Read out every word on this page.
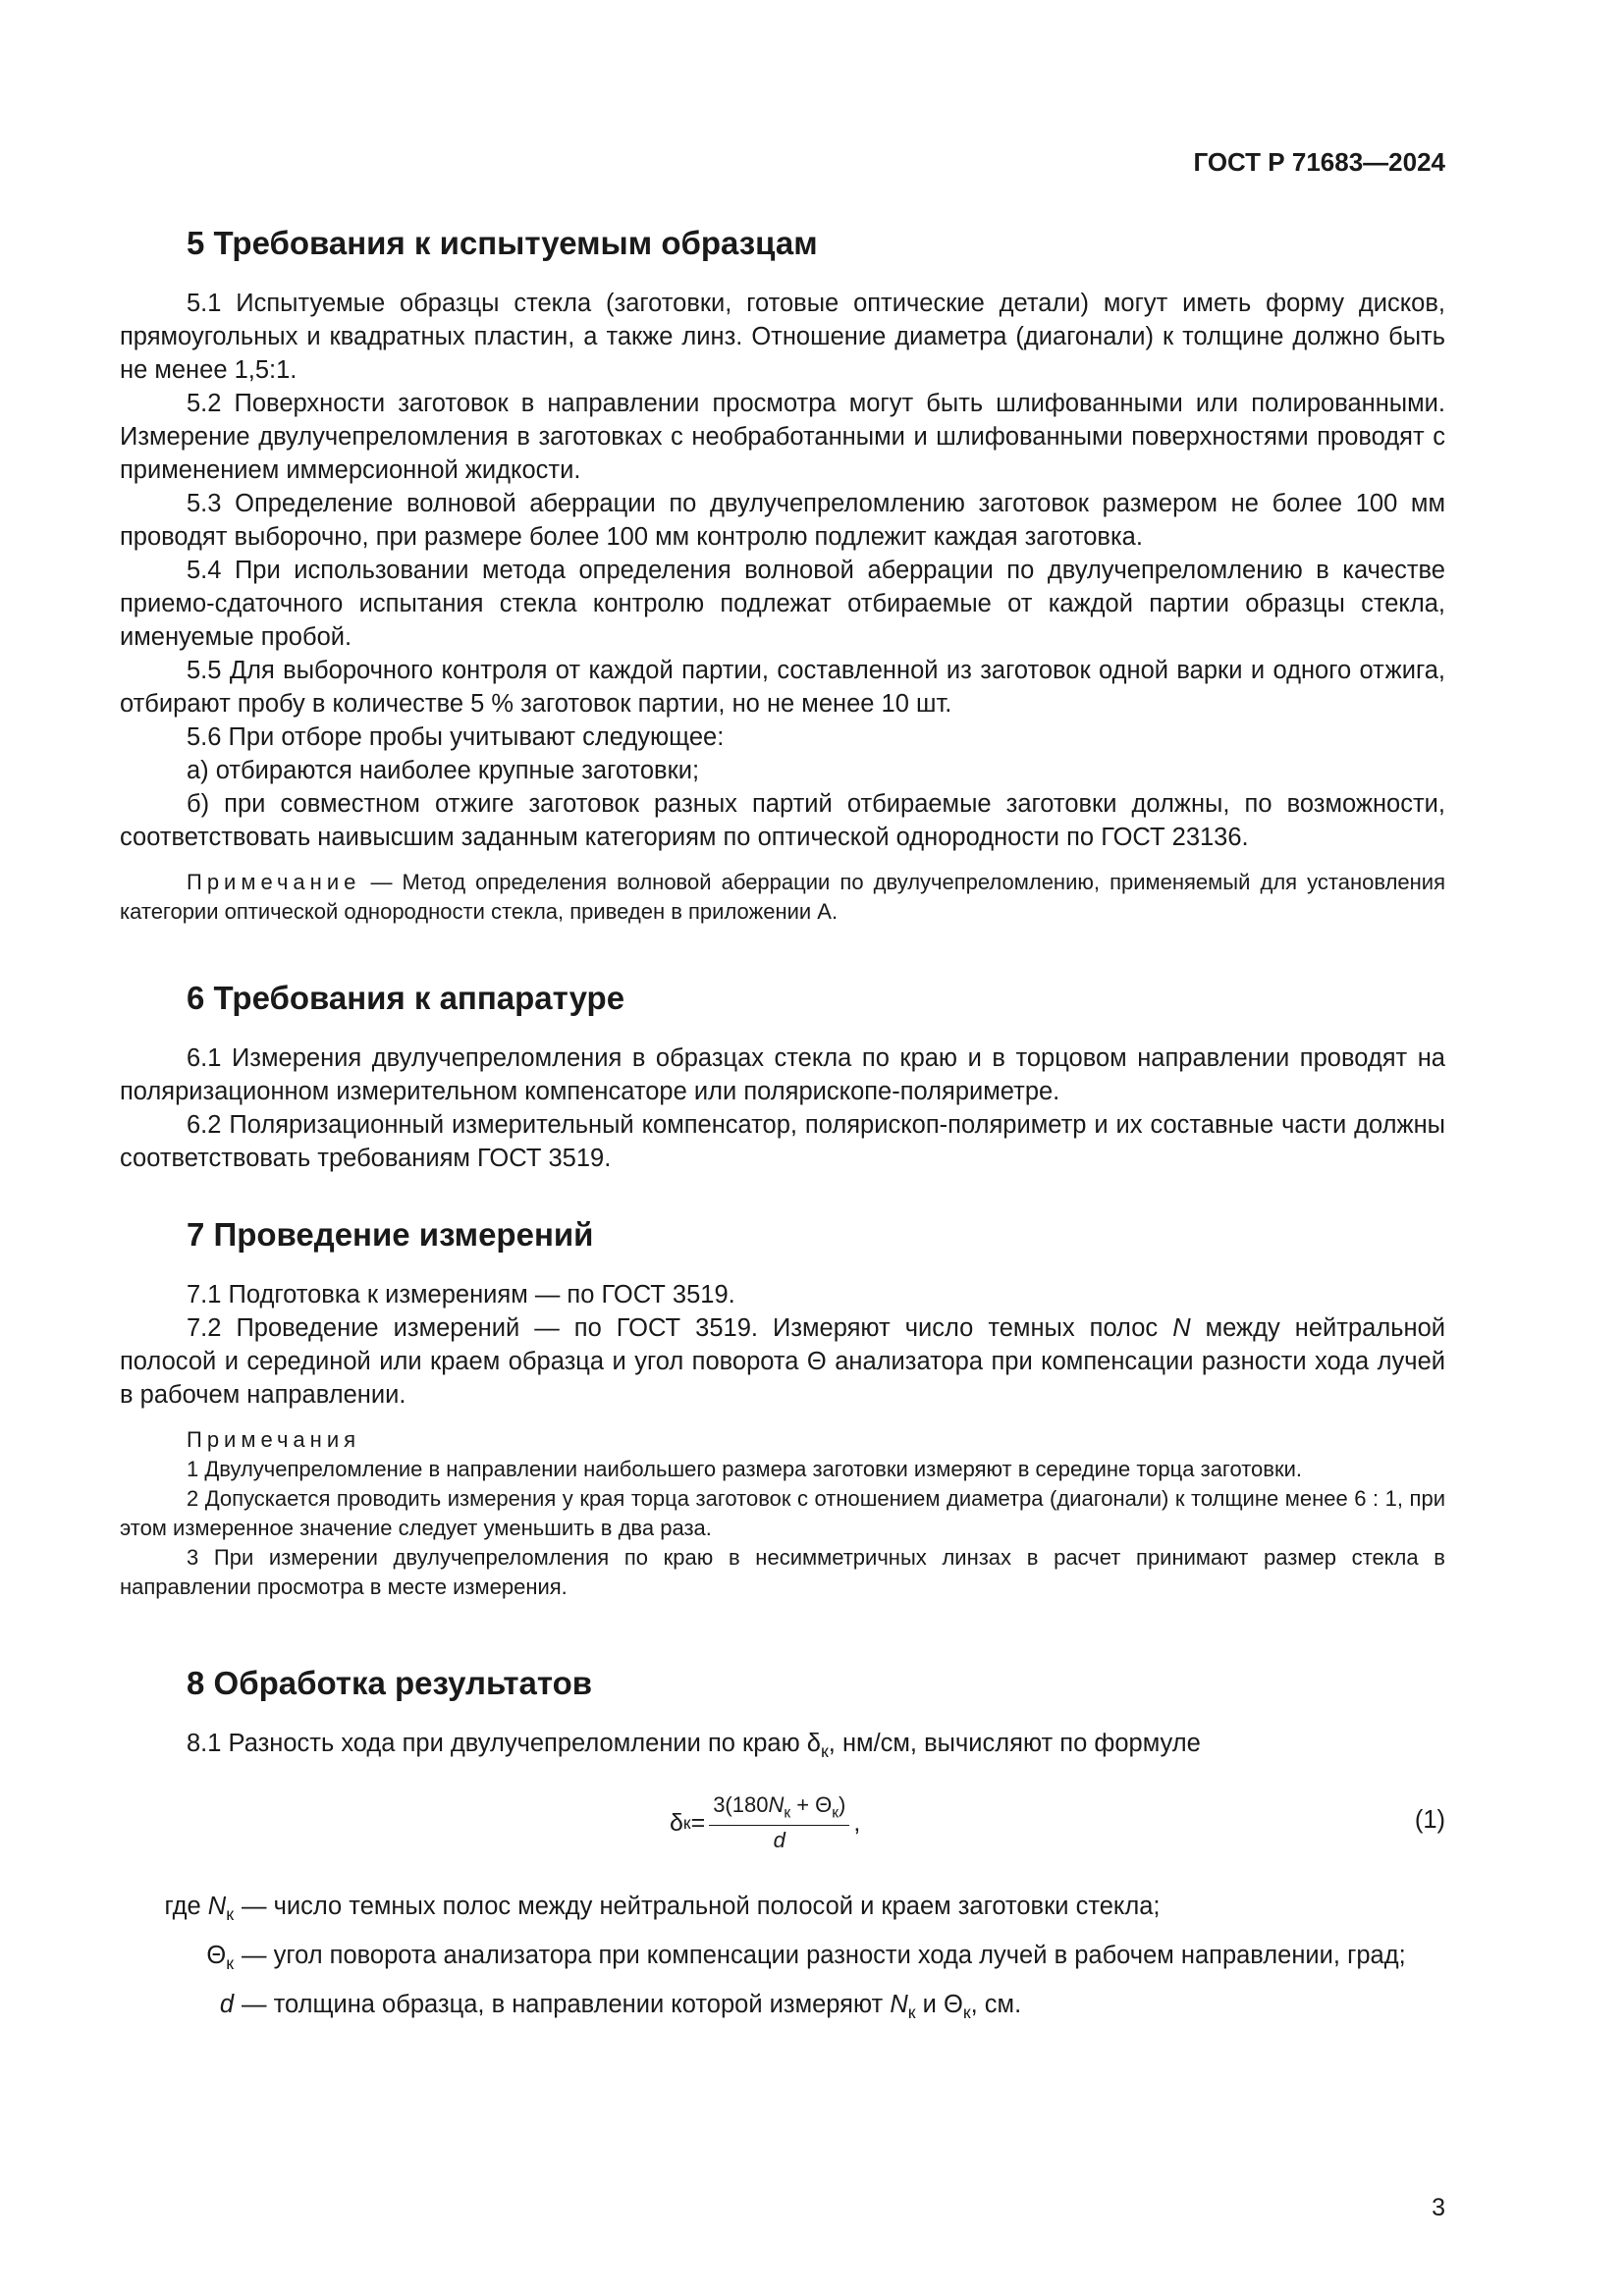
ГОСТ Р 71683—2024
5 Требования к испытуемым образцам

5.1 Испытуемые образцы стекла (заготовки, готовые оптические детали) могут иметь форму дисков, прямоугольных и квадратных пластин, а также линз. Отношение диаметра (диагонали) к толщине должно быть не менее 1,5:1.

5.2 Поверхности заготовок в направлении просмотра могут быть шлифованными или полированными. Измерение двулучепреломления в заготовках с необработанными и шлифованными поверхностями проводят с применением иммерсионной жидкости.

5.3 Определение волновой аберрации по двулучепреломлению заготовок размером не более 100 мм проводят выборочно, при размере более 100 мм контролю подлежит каждая заготовка.

5.4 При использовании метода определения волновой аберрации по двулучепреломлению в качестве приемо-сдаточного испытания стекла контролю подлежат отбираемые от каждой партии образцы стекла, именуемые пробой.

5.5 Для выборочного контроля от каждой партии, составленной из заготовок одной варки и одного отжига, отбирают пробу в количестве 5 % заготовок партии, но не менее 10 шт.

5.6 При отборе пробы учитывают следующее:

а) отбираются наиболее крупные заготовки;

б) при совместном отжиге заготовок разных партий отбираемые заготовки должны, по возможности, соответствовать наивысшим заданным категориям по оптической однородности по ГОСТ 23136.

Примечание — Метод определения волновой аберрации по двулучепреломлению, применяемый для установления категории оптической однородности стекла, приведен в приложении А.

6 Требования к аппаратуре

6.1 Измерения двулучепреломления в образцах стекла по краю и в торцовом направлении проводят на поляризационном измерительном компенсаторе или полярископе-поляриметре.

6.2 Поляризационный измерительный компенсатор, полярископ-поляриметр и их составные части должны соответствовать требованиям ГОСТ 3519.

7 Проведение измерений

7.1 Подготовка к измерениям — по ГОСТ 3519.

7.2 Проведение измерений — по ГОСТ 3519. Измеряют число темных полос N между нейтральной полосой и серединой или краем образца и угол поворота Θ анализатора при компенсации разности хода лучей в рабочем направлении.

Примечания

1 Двулучепреломление в направлении наибольшего размера заготовки измеряют в середине торца заготовки.

2 Допускается проводить измерения у края торца заготовок с отношением диаметра (диагонали) к толщине менее 6 : 1, при этом измеренное значение следует уменьшить в два раза.

3 При измерении двулучепреломления по краю в несимметричных линзах в расчет принимают размер стекла в направлении просмотра в месте измерения.

8 Обработка результатов

8.1 Разность хода при двулучепреломлении по краю $\delta_к$, нм/см, вычисляют по формуле

δ $к = \frac{3(180N_к + \Theta_к)}{d}$ ,	(1)
где $N_к$ — число темных полос между нейтральной полосой и краем заготовки стекла;
$\Theta_к$ — угол поворота анализатора при компенсации разности хода лучей в рабочем направлении, град;
d — толщина образца, в направлении которой измеряют $N_к$ и $\Theta_к$, см.
3
